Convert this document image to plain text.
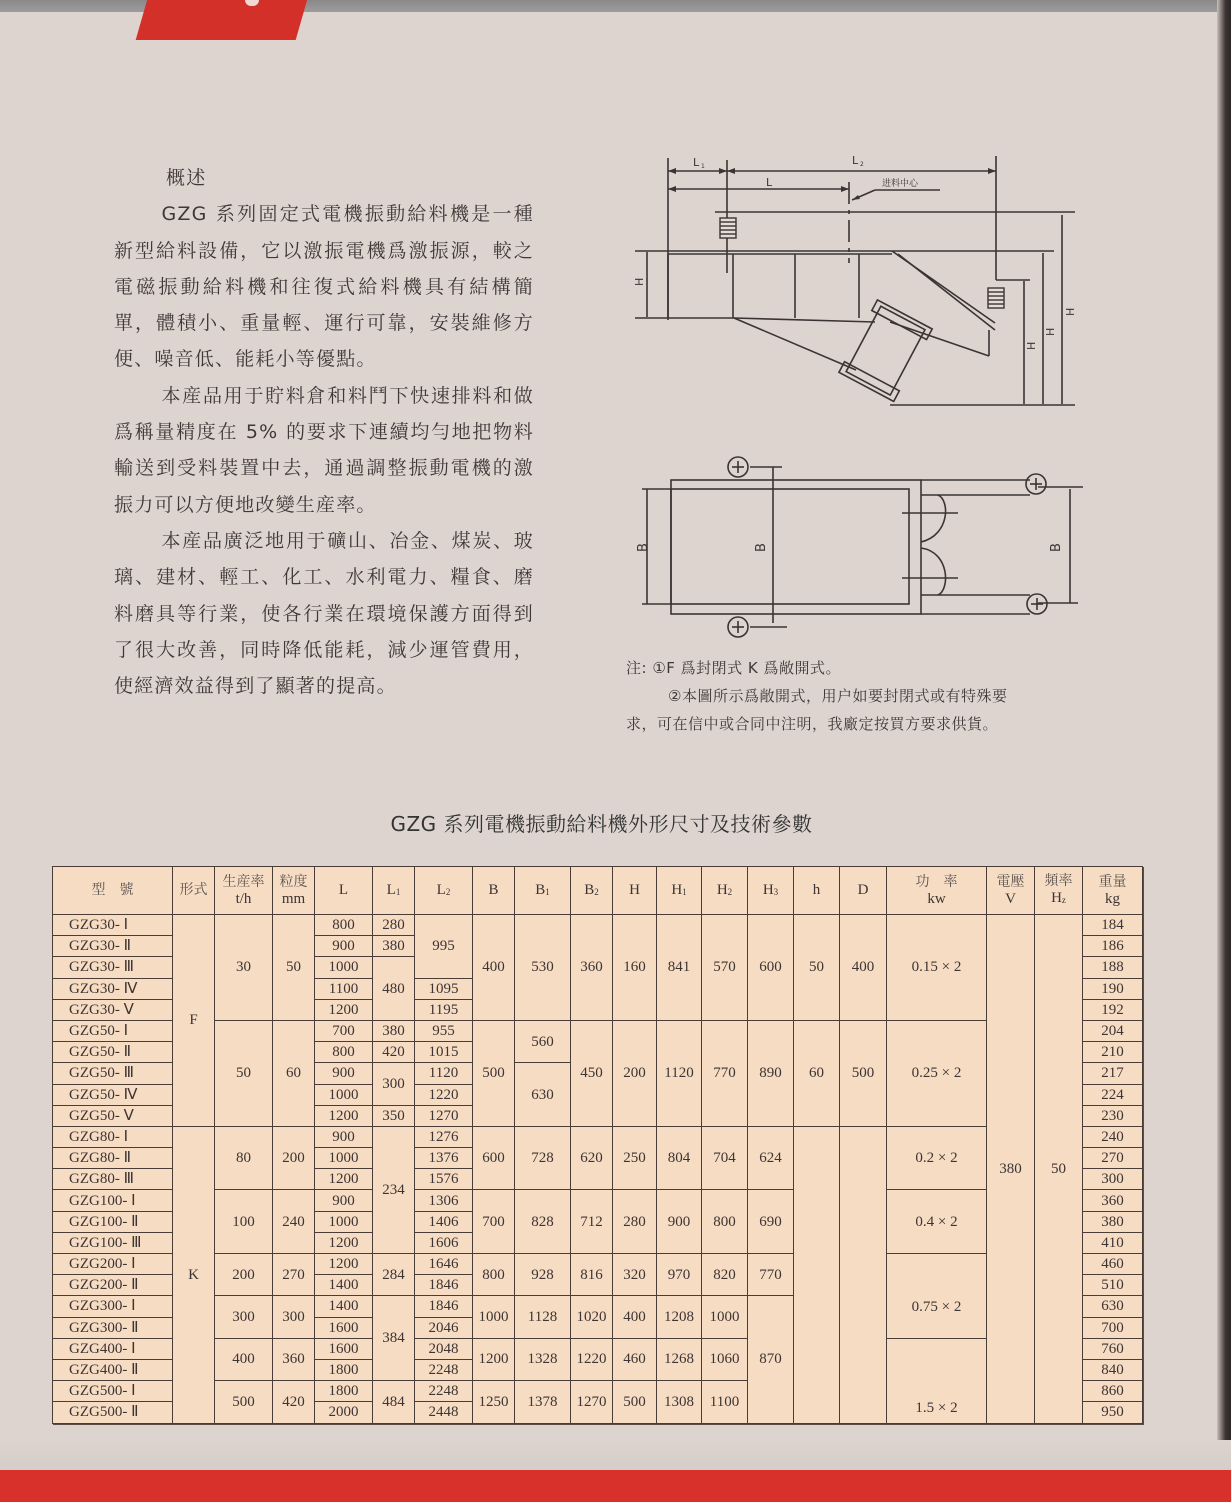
概述

GZG 系列固定式電機振動給料機是一種新型給料設備，它以激振電機爲激振源，較之電磁振動給料機和往復式給料機具有結構簡單，體積小、重量輕、運行可靠，安裝維修方便、噪音低、能耗小等優點。

本産品用于貯料倉和料鬥下快速排料和做爲稱量精度在 5% 的要求下連續均勻地把物料輸送到受料裝置中去，通過調整振動電機的激振力可以方便地改變生産率。

本産品廣泛地用于礦山、冶金、煤炭、玻璃、建材、輕工、化工、水利電力、糧食、磨料磨具等行業，使各行業在環境保護方面得到了很大改善，同時降低能耗，減少運管費用，使經濟效益得到了顯著的提高。

L 1	L 2
L	进料中心
H
H
H
H
B	B	B
注: ①F 爲封閉式 K 爲敞開式。
②本圖所示爲敞開式，用户如要封閉式或有特殊要
求，可在信中或合同中注明，我廠定按買方要求供貨。
GZG 系列電機振動給料機外形尺寸及技術參數
型　號	形式	生産率
t/h	粒度
mm	L	$L_1$	$L_2$	B	$B_1$	$B_2$	H	$H_1$	$H_2$	$H_3$	h	D	功　率
kw	電壓
V	頻率
$H_z$	重量
kg
GZG30- Ⅰ	F	30	50	800	280	995	400	530	360	160	841	570	600	50	400	0.15 × 2	380	50	184
GZG30- Ⅱ				900	380														186
GZG30- Ⅲ				1000	480														188
GZG30- Ⅳ				1100		1095													190
GZG30- Ⅴ				1200		1195													192
GZG50- Ⅰ		50	60	700	380	955	500	560	450	200	1120	770	890	60	500	0.25 × 2			204
GZG50- Ⅱ				800	420	1015													210
GZG50- Ⅲ				900	300	1120		630											217
GZG50- Ⅳ				1000		1220													224
GZG50- Ⅴ				1200	350	1270													230
GZG80- Ⅰ	K	80	200	900	234	1276	600	728	620	250	804	704	624			0.2 × 2			240
GZG80- Ⅱ				1000		1376													270
GZG80- Ⅲ				1200		1576													300
GZG100- Ⅰ		100	240	900		1306	700	828	712	280	900	800	690			0.4 × 2			360
GZG100- Ⅱ				1000		1406													380
GZG100- Ⅲ				1200		1606													410
GZG200- Ⅰ		200	270	1200	284	1646	800	928	816	320	970	820	770			0.75 × 2			460
GZG200- Ⅱ				1400		1846													510
GZG300- Ⅰ		300	300	1400	384	1846	1000	1128	1020	400	1208	1000	870						630
GZG300- Ⅱ				1600		2046													700
GZG400- Ⅰ		400	360	1600		2048	1200	1328	1220	460	1268	1060				1.5 × 2			760
GZG400- Ⅱ				1800		2248													840
GZG500- Ⅰ		500	420	1800	484	2248	1250	1378	1270	500	1308	1100							860
GZG500- Ⅱ				2000		2448													950
